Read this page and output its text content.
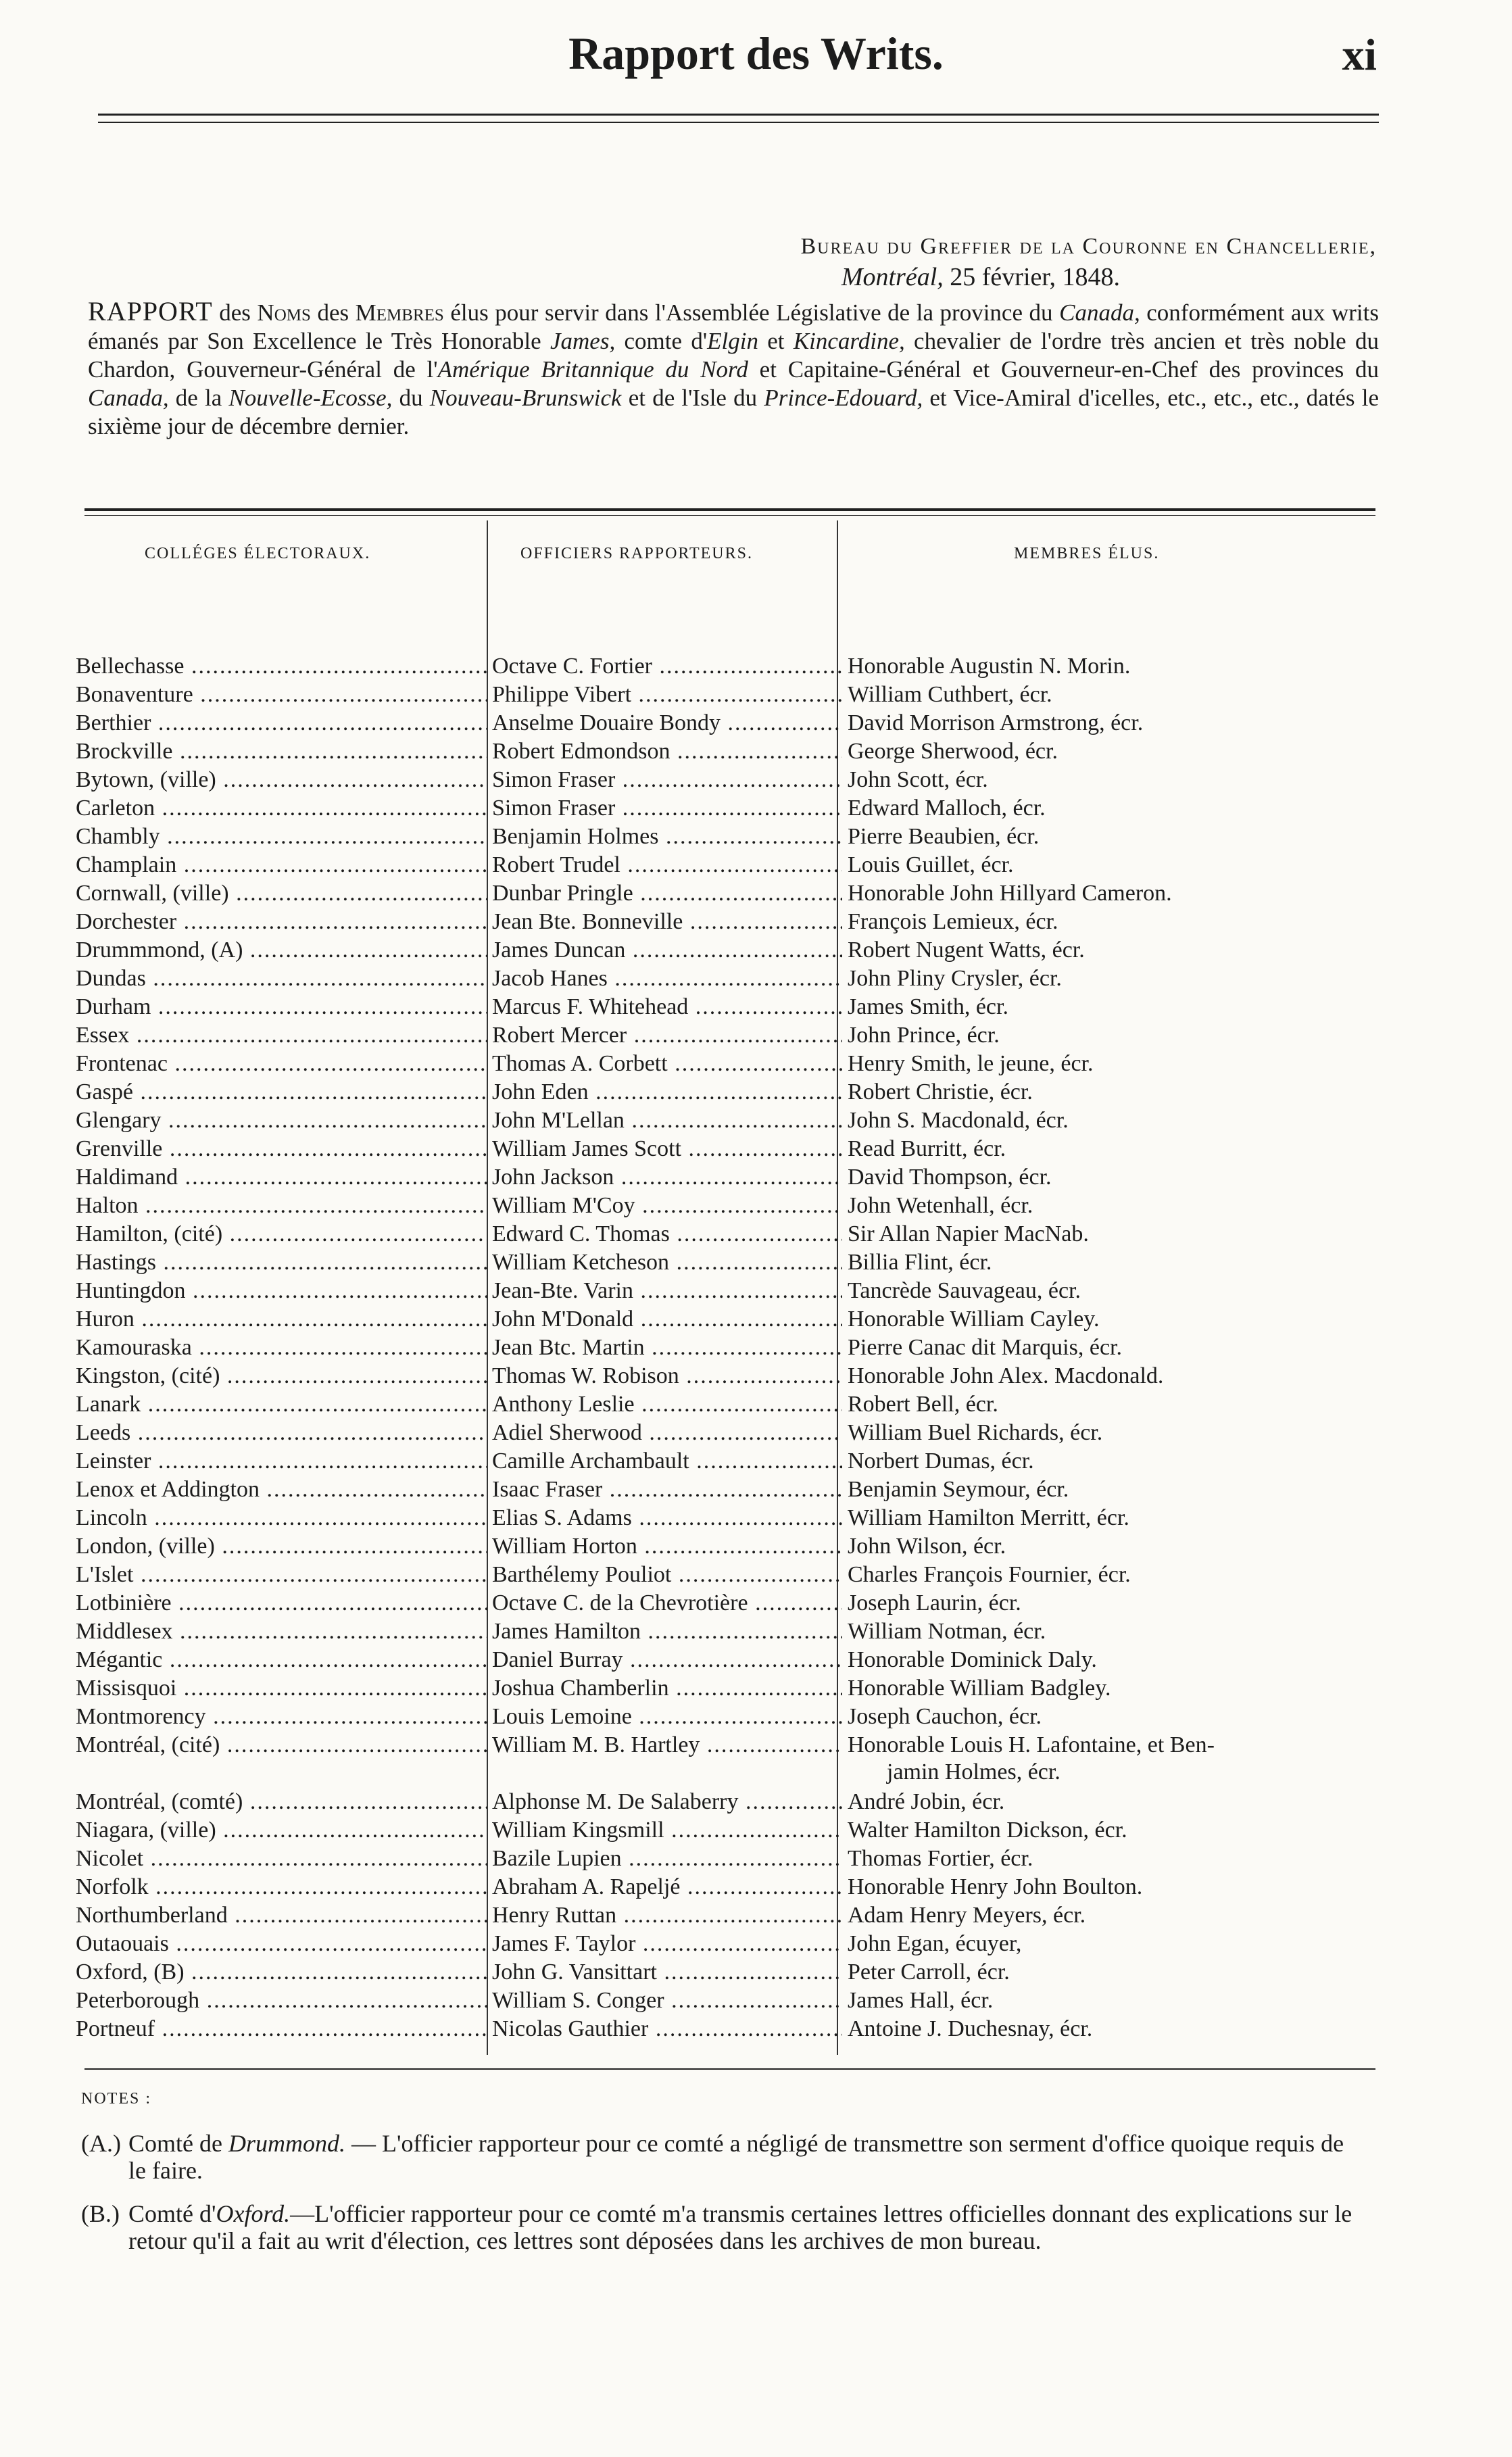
Rapport des Writs.	xi
Bureau du Greffier de la Couronne en Chancellerie,
Montréal, 25 février, 1848.
RAPPORT des Noms des Membres élus pour servir dans l'Assemblée Législative de la province du Canada, conformément aux writs émanés par Son Excellence le Très Honorable James, comte d'Elgin et Kincardine, chevalier de l'ordre très ancien et très noble du Chardon, Gouverneur-Général de l'Amérique Britannique du Nord et Capitaine-Général et Gouverneur-en-Chef des provinces du Canada, de la Nouvelle-Ecosse, du Nouveau-Brunswick et de l'Isle du Prince-Edouard, et Vice-Amiral d'icelles, etc., etc., etc., datés le sixième jour de décembre dernier.
COLLÉGES ÉLECTORAUX.	OFFICIERS RAPPORTEURS.	MEMBRES ÉLUS.
Bellechasse .....	Octave C. Fortier .....	Honorable Augustin N. Morin.
Bonaventure .....	Philippe Vibert .....	William Cuthbert, écr.
Berthier .....	Anselme Douaire Bondy .....	David Morrison Armstrong, écr.
Brockville .....	Robert Edmondson .....	George Sherwood, écr.
Bytown, (ville) .....	Simon Fraser .....	John Scott, écr.
Carleton .....	Simon Fraser .....	Edward Malloch, écr.
Chambly .....	Benjamin Holmes .....	Pierre Beaubien, écr.
Champlain .....	Robert Trudel .....	Louis Guillet, écr.
Cornwall, (ville) .....	Dunbar Pringle .....	Honorable John Hillyard Cameron.
Dorchester .....	Jean Bte. Bonneville .....	François Lemieux, écr.
Drummmond, (A) .....	James Duncan .....	Robert Nugent Watts, écr.
Dundas .....	Jacob Hanes .....	John Pliny Crysler, écr.
Durham .....	Marcus F. Whitehead .....	James Smith, écr.
Essex .....	Robert Mercer .....	John Prince, écr.
Frontenac .....	Thomas A. Corbett .....	Henry Smith, le jeune, écr.
Gaspé .....	John Eden .....	Robert Christie, écr.
Glengary .....	John M'Lellan .....	John S. Macdonald, écr.
Grenville .....	William James Scott .....	Read Burritt, écr.
Haldimand .....	John Jackson .....	David Thompson, écr.
Halton .....	William M'Coy .....	John Wetenhall, écr.
Hamilton, (cité) .....	Edward C. Thomas .....	Sir Allan Napier MacNab.
Hastings .....	William Ketcheson .....	Billia Flint, écr.
Huntingdon .....	Jean-Bte. Varin .....	Tancrède Sauvageau, écr.
Huron .....	John M'Donald .....	Honorable William Cayley.
Kamouraska .....	Jean Btc. Martin .....	Pierre Canac dit Marquis, écr.
Kingston, (cité) .....	Thomas W. Robison .....	Honorable John Alex. Macdonald.
Lanark .....	Anthony Leslie .....	Robert Bell, écr.
Leeds .....	Adiel Sherwood .....	William Buel Richards, écr.
Leinster .....	Camille Archambault .....	Norbert Dumas, écr.
Lenox et Addington .....	Isaac Fraser .....	Benjamin Seymour, écr.
Lincoln .....	Elias S. Adams .....	William Hamilton Merritt, écr.
London, (ville) .....	William Horton .....	John Wilson, écr.
L'Islet .....	Barthélemy Pouliot .....	Charles François Fournier, écr.
Lotbinière .....	Octave C. de la Chevrotière .....	Joseph Laurin, écr.
Middlesex .....	James Hamilton .....	William Notman, écr.
Mégantic .....	Daniel Burray .....	Honorable Dominick Daly.
Missisquoi .....	Joshua Chamberlin .....	Honorable William Badgley.
Montmorency .....	Louis Lemoine .....	Joseph Cauchon, écr.
Montréal, (cité) .....	William M. B. Hartley .....	Honorable Louis H. Lafontaine, et Ben-
jamin Holmes, écr.
Montréal, (comté) .....	Alphonse M. De Salaberry .....	André Jobin, écr.
Niagara, (ville) .....	William Kingsmill .....	Walter Hamilton Dickson, écr.
Nicolet .....	Bazile Lupien .....	Thomas Fortier, écr.
Norfolk .....	Abraham A. Rapeljé .....	Honorable Henry John Boulton.
Northumberland .....	Henry Ruttan .....	Adam Henry Meyers, écr.
Outaouais .....	James F. Taylor .....	John Egan, écuyer,
Oxford, (B) .....	John G. Vansittart .....	Peter Carroll, écr.
Peterborough .....	William S. Conger .....	James Hall, écr.
Portneuf .....	Nicolas Gauthier .....	Antoine J. Duchesnay, écr.
NOTES :
(A.) Comté de Drummond. — L'officier rapporteur pour ce comté a négligé de transmettre son serment d'office quoique requis de le faire.
(B.) Comté d'Oxford.—L'officier rapporteur pour ce comté m'a transmis certaines lettres officielles donnant des explications sur le retour qu'il a fait au writ d'élection, ces lettres sont déposées dans les archives de mon bureau.
